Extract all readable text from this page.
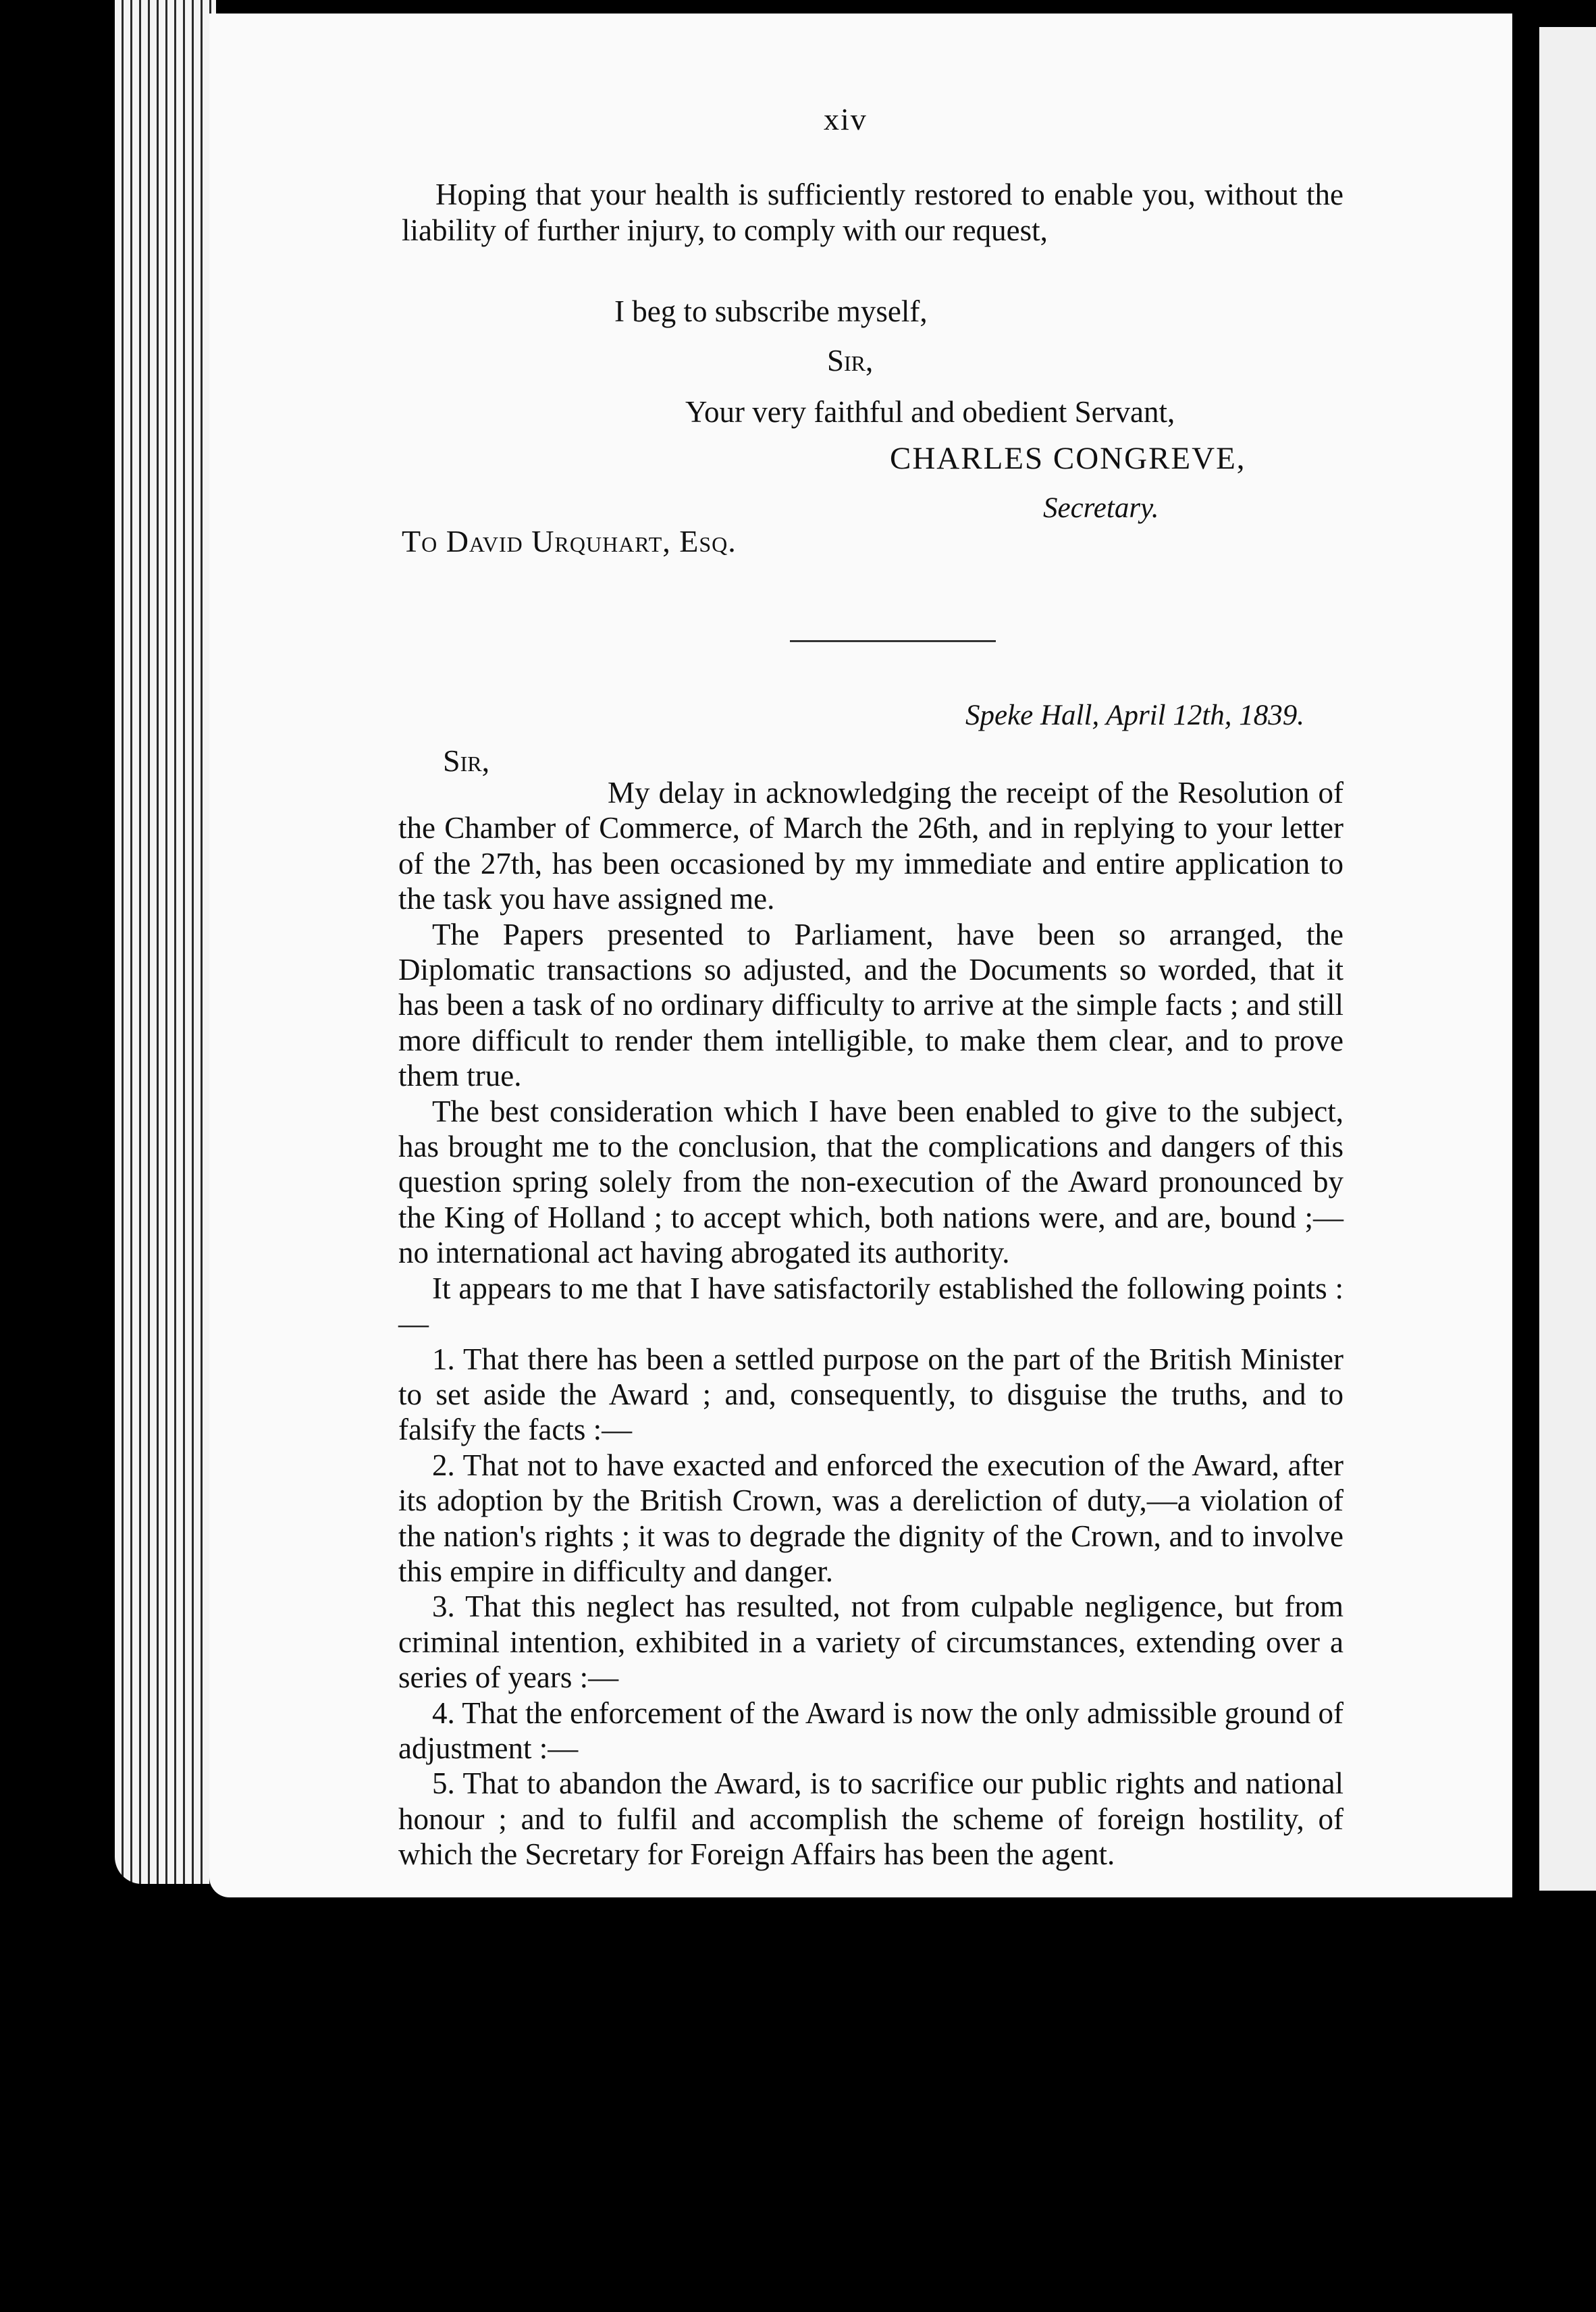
xiv

Hoping that your health is sufficiently restored to enable you, without the liability of further injury, to comply with our request,

I beg to subscribe myself,
Sir,
Your very faithful and obedient Servant,
CHARLES CONGREVE,
Secretary.
To David Urquhart, Esq.
Speke Hall, April 12th, 1839.
Sir,

My delay in acknowledging the receipt of the Resolution of the Chamber of Commerce, of March the 26th, and in replying to your letter of the 27th, has been occasioned by my immediate and entire application to the task you have assigned me.

The Papers presented to Parliament, have been so arranged, the Diplomatic transactions so adjusted, and the Documents so worded, that it has been a task of no ordinary difficulty to arrive at the simple facts ; and still more difficult to render them intelligible, to make them clear, and to prove them true.

The best consideration which I have been enabled to give to the subject, has brought me to the conclusion, that the complications and dangers of this question spring solely from the non-execution of the Award pronounced by the King of Holland ; to accept which, both nations were, and are, bound ;—no international act having abrogated its authority.

It appears to me that I have satisfactorily established the following points :—

1. That there has been a settled purpose on the part of the British Minister to set aside the Award ; and, consequently, to disguise the truths, and to falsify the facts :—

2. That not to have exacted and enforced the execution of the Award, after its adoption by the British Crown, was a dereliction of duty,—a violation of the nation's rights ; it was to degrade the dignity of the Crown, and to involve this empire in difficulty and danger.

3. That this neglect has resulted, not from culpable negligence, but from criminal intention, exhibited in a variety of circumstances, extending over a series of years :—

4. That the enforcement of the Award is now the only admissible ground of adjustment :—

5. That to abandon the Award, is to sacrifice our public rights and national honour ; and to fulfil and accomplish the scheme of foreign hostility, of which the Secretary for Foreign Affairs has been the agent.
